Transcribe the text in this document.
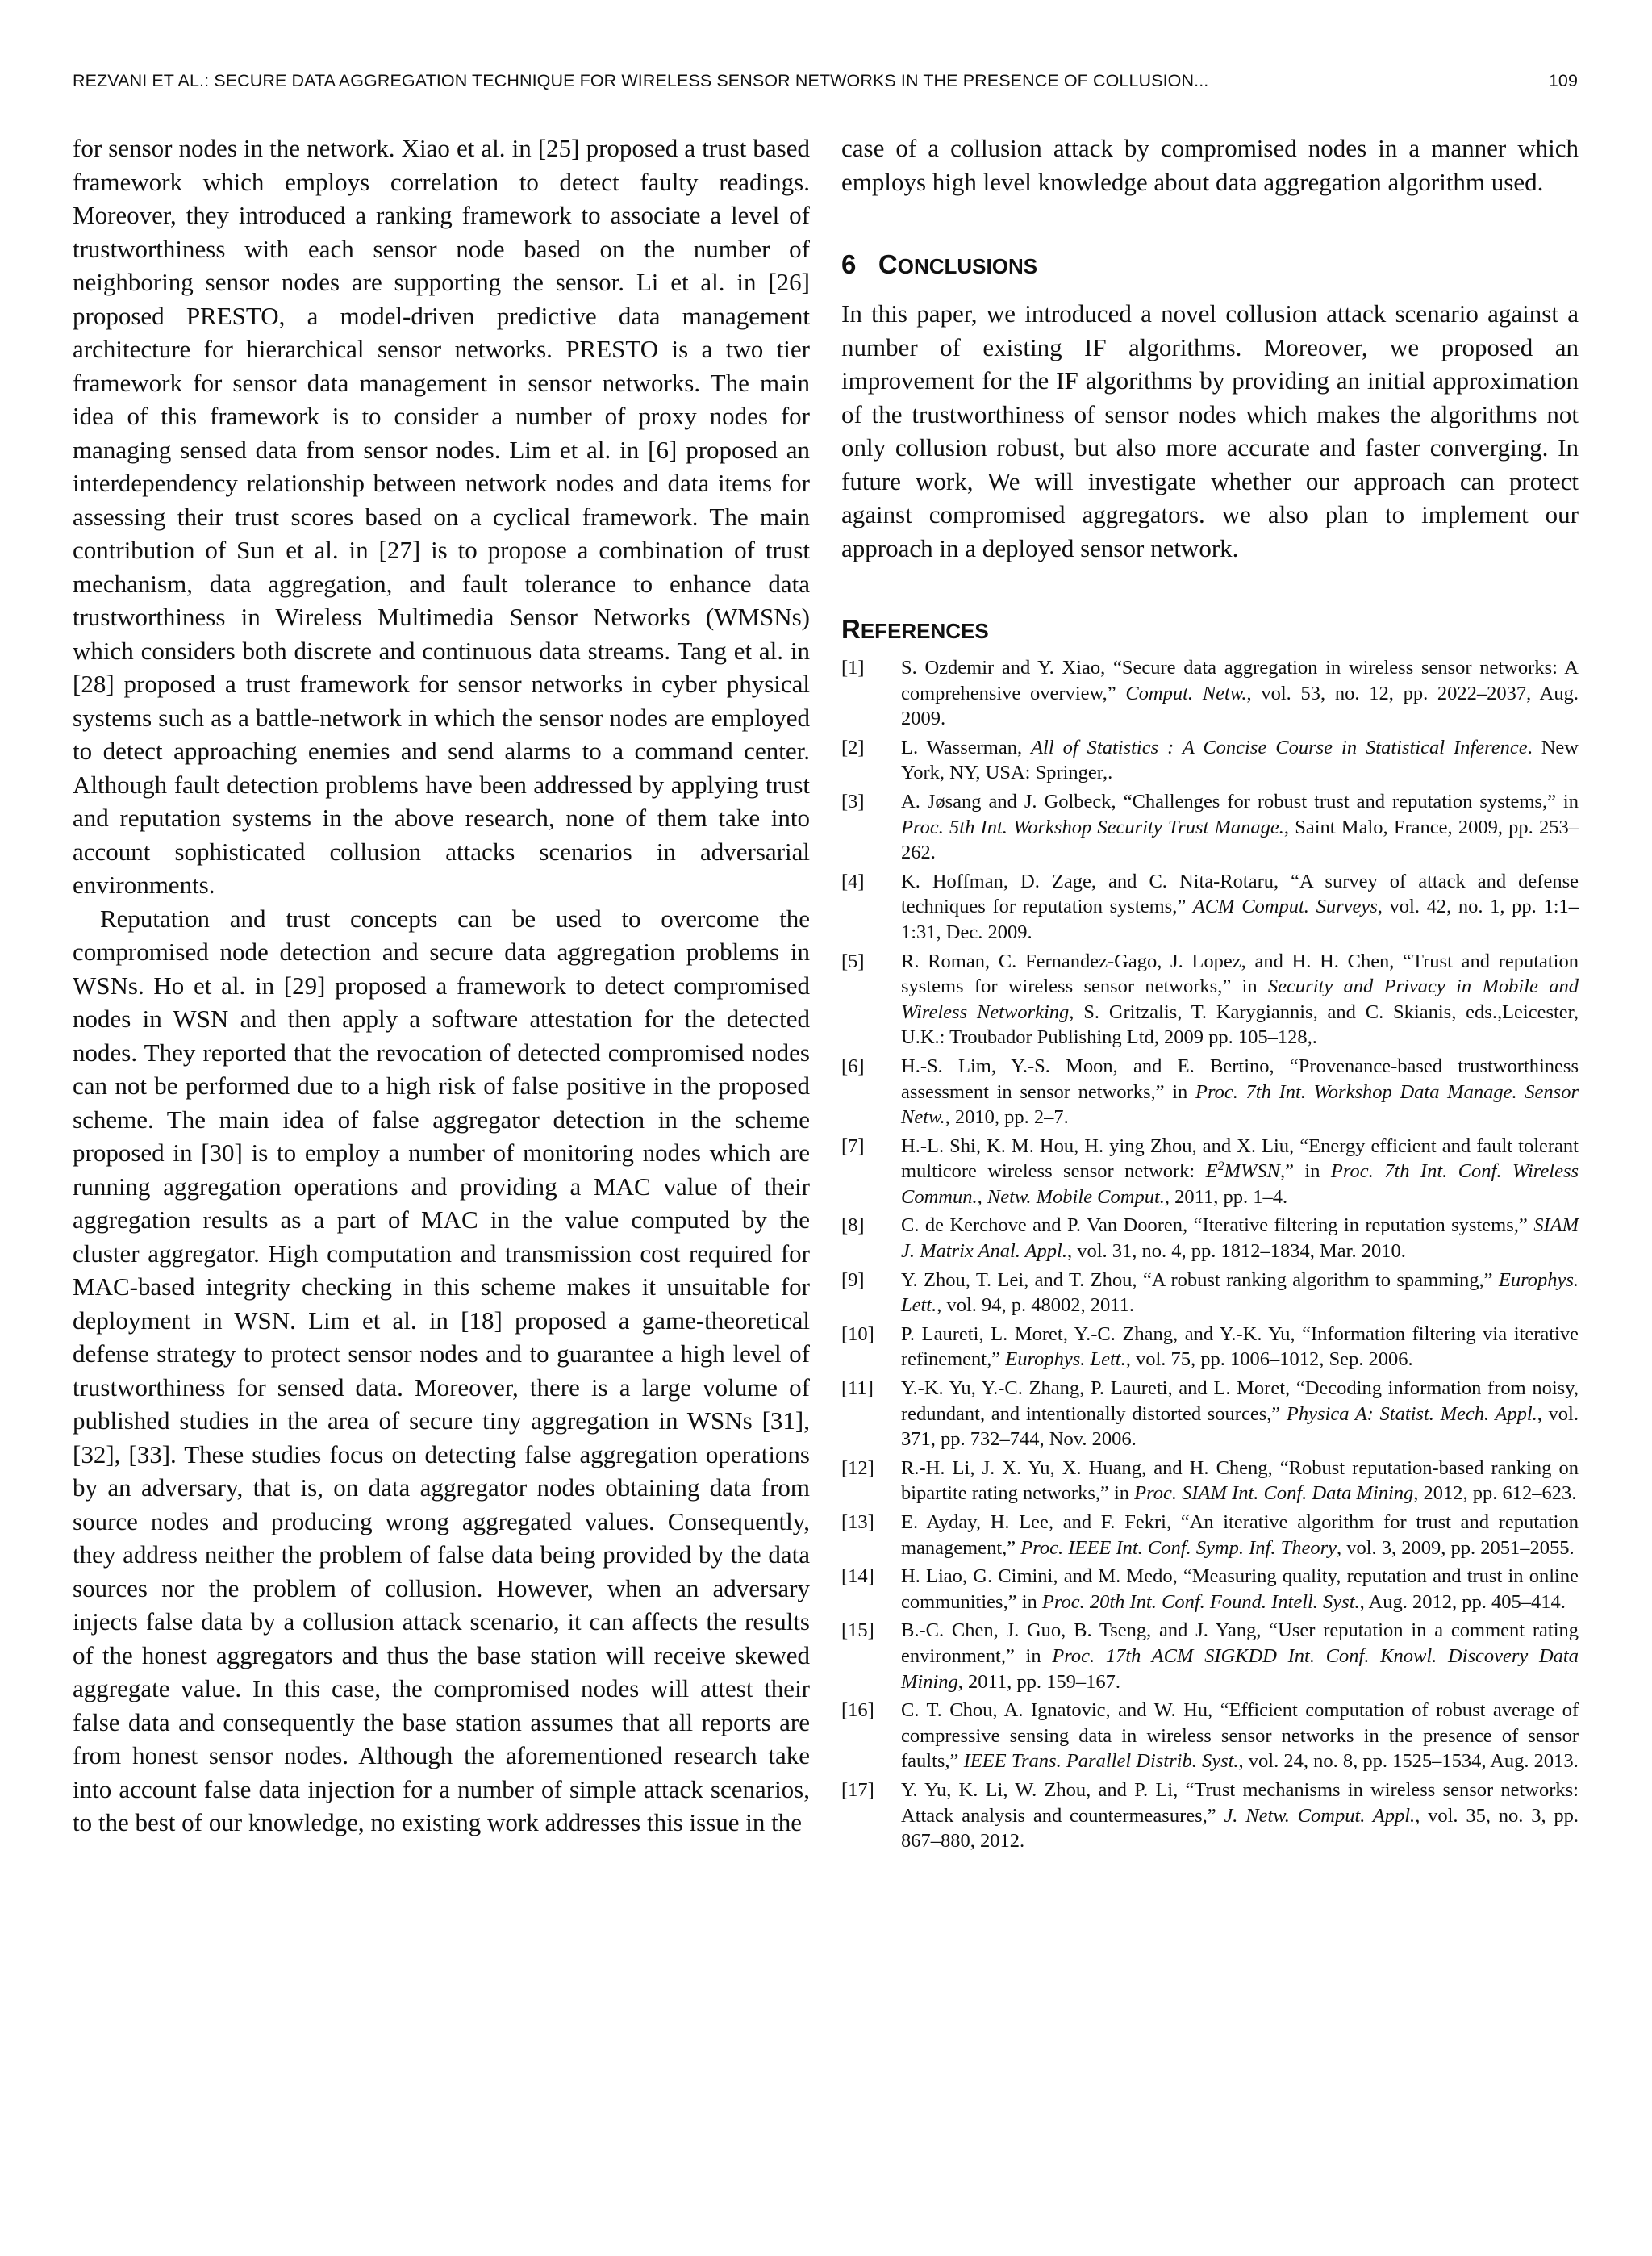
REZVANI ET AL.: SECURE DATA AGGREGATION TECHNIQUE FOR WIRELESS SENSOR NETWORKS IN THE PRESENCE OF COLLUSION...	109

for sensor nodes in the network. Xiao et al. in [25] proposed a trust based framework which employs correlation to detect faulty readings. Moreover, they introduced a ranking framework to associate a level of trustworthiness with each sensor node based on the number of neighboring sensor nodes are supporting the sensor. Li et al. in [26] proposed PRESTO, a model-driven predictive data management architecture for hierarchical sensor networks. PRESTO is a two tier framework for sensor data management in sensor networks. The main idea of this framework is to consider a number of proxy nodes for managing sensed data from sensor nodes. Lim et al. in [6] proposed an interdependency relationship between network nodes and data items for assessing their trust scores based on a cyclical framework. The main contribution of Sun et al. in [27] is to propose a combination of trust mechanism, data aggregation, and fault tolerance to enhance data trustworthiness in Wireless Multimedia Sensor Networks (WMSNs) which considers both discrete and continuous data streams. Tang et al. in [28] proposed a trust framework for sensor networks in cyber physical systems such as a battle-network in which the sensor nodes are employed to detect approaching enemies and send alarms to a command center. Although fault detection problems have been addressed by applying trust and reputation systems in the above research, none of them take into account sophisticated collusion attacks scenarios in adversarial environments.

Reputation and trust concepts can be used to overcome the compromised node detection and secure data aggregation problems in WSNs. Ho et al. in [29] proposed a framework to detect compromised nodes in WSN and then apply a software attestation for the detected nodes. They reported that the revocation of detected compromised nodes can not be performed due to a high risk of false positive in the proposed scheme. The main idea of false aggregator detection in the scheme proposed in [30] is to employ a number of monitoring nodes which are running aggregation operations and providing a MAC value of their aggregation results as a part of MAC in the value computed by the cluster aggregator. High computation and transmission cost required for MAC-based integrity checking in this scheme makes it unsuitable for deployment in WSN. Lim et al. in [18] proposed a game-theoretical defense strategy to protect sensor nodes and to guarantee a high level of trustworthiness for sensed data. Moreover, there is a large volume of published studies in the area of secure tiny aggregation in WSNs [31], [32], [33]. These studies focus on detecting false aggregation operations by an adversary, that is, on data aggregator nodes obtaining data from source nodes and producing wrong aggregated values. Consequently, they address neither the problem of false data being provided by the data sources nor the problem of collusion. However, when an adversary injects false data by a collusion attack scenario, it can affects the results of the honest aggregators and thus the base station will receive skewed aggregate value. In this case, the compromised nodes will attest their false data and consequently the base station assumes that all reports are from honest sensor nodes. Although the aforementioned research take into account false data injection for a number of simple attack scenarios, to the best of our knowledge, no existing work addresses this issue in the

case of a collusion attack by compromised nodes in a manner which employs high level knowledge about data aggregation algorithm used.

6 CONCLUSIONS

In this paper, we introduced a novel collusion attack scenario against a number of existing IF algorithms. Moreover, we proposed an improvement for the IF algorithms by providing an initial approximation of the trustworthiness of sensor nodes which makes the algorithms not only collusion robust, but also more accurate and faster converging. In future work, We will investigate whether our approach can protect against compromised aggregators. we also plan to implement our approach in a deployed sensor network.

REFERENCES
[1] S. Ozdemir and Y. Xiao, “Secure data aggregation in wireless sensor networks: A comprehensive overview,” Comput. Netw., vol. 53, no. 12, pp. 2022–2037, Aug. 2009.
[2] L. Wasserman, All of Statistics : A Concise Course in Statistical Inference. New York, NY, USA: Springer,.
[3] A. Jøsang and J. Golbeck, “Challenges for robust trust and reputation systems,” in Proc. 5th Int. Workshop Security Trust Manage., Saint Malo, France, 2009, pp. 253–262.
[4] K. Hoffman, D. Zage, and C. Nita-Rotaru, “A survey of attack and defense techniques for reputation systems,” ACM Comput. Surveys, vol. 42, no. 1, pp. 1:1–1:31, Dec. 2009.
[5] R. Roman, C. Fernandez-Gago, J. Lopez, and H. H. Chen, “Trust and reputation systems for wireless sensor networks,” in Security and Privacy in Mobile and Wireless Networking, S. Gritzalis, T. Karygiannis, and C. Skianis, eds.,Leicester, U.K.: Troubador Publishing Ltd, 2009 pp. 105–128,.
[6] H.-S. Lim, Y.-S. Moon, and E. Bertino, “Provenance-based trustworthiness assessment in sensor networks,” in Proc. 7th Int. Workshop Data Manage. Sensor Netw., 2010, pp. 2–7.
[7] H.-L. Shi, K. M. Hou, H. ying Zhou, and X. Liu, “Energy efficient and fault tolerant multicore wireless sensor network: $E^2MWSN$,” in Proc. 7th Int. Conf. Wireless Commun., Netw. Mobile Comput., 2011, pp. 1–4.
[8] C. de Kerchove and P. Van Dooren, “Iterative filtering in reputation systems,” SIAM J. Matrix Anal. Appl., vol. 31, no. 4, pp. 1812–1834, Mar. 2010.
[9] Y. Zhou, T. Lei, and T. Zhou, “A robust ranking algorithm to spamming,” Europhys. Lett., vol. 94, p. 48002, 2011.
[10] P. Laureti, L. Moret, Y.-C. Zhang, and Y.-K. Yu, “Information filtering via iterative refinement,” Europhys. Lett., vol. 75, pp. 1006–1012, Sep. 2006.
[11] Y.-K. Yu, Y.-C. Zhang, P. Laureti, and L. Moret, “Decoding information from noisy, redundant, and intentionally distorted sources,” Physica A: Statist. Mech. Appl., vol. 371, pp. 732–744, Nov. 2006.
[12] R.-H. Li, J. X. Yu, X. Huang, and H. Cheng, “Robust reputation-based ranking on bipartite rating networks,” in Proc. SIAM Int. Conf. Data Mining, 2012, pp. 612–623.
[13] E. Ayday, H. Lee, and F. Fekri, “An iterative algorithm for trust and reputation management,” Proc. IEEE Int. Conf. Symp. Inf. Theory, vol. 3, 2009, pp. 2051–2055.
[14] H. Liao, G. Cimini, and M. Medo, “Measuring quality, reputation and trust in online communities,” in Proc. 20th Int. Conf. Found. Intell. Syst., Aug. 2012, pp. 405–414.
[15] B.-C. Chen, J. Guo, B. Tseng, and J. Yang, “User reputation in a comment rating environment,” in Proc. 17th ACM SIGKDD Int. Conf. Knowl. Discovery Data Mining, 2011, pp. 159–167.
[16] C. T. Chou, A. Ignatovic, and W. Hu, “Efficient computation of robust average of compressive sensing data in wireless sensor networks in the presence of sensor faults,” IEEE Trans. Parallel Distrib. Syst., vol. 24, no. 8, pp. 1525–1534, Aug. 2013.
[17] Y. Yu, K. Li, W. Zhou, and P. Li, “Trust mechanisms in wireless sensor networks: Attack analysis and countermeasures,” J. Netw. Comput. Appl., vol. 35, no. 3, pp. 867–880, 2012.
